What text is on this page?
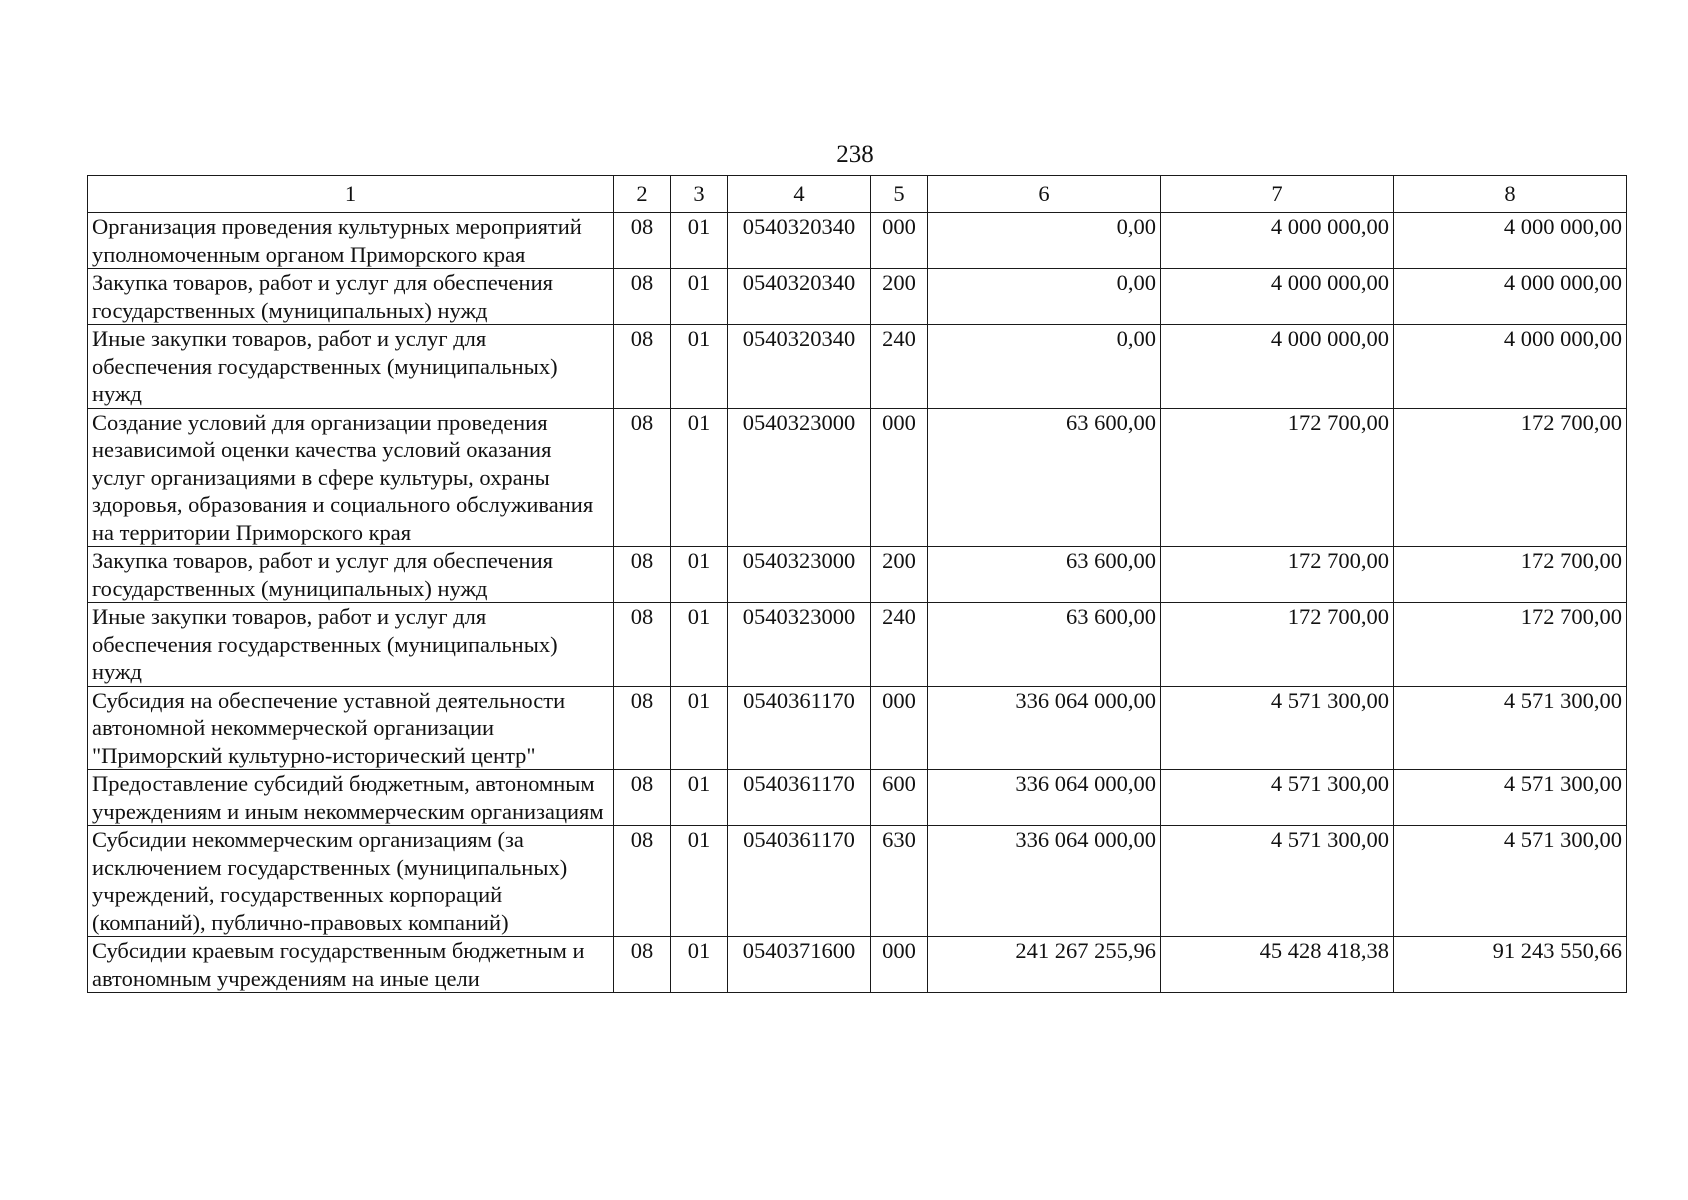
238
1	2	3	4	5	6	7	8
Организация проведения культурных мероприятий уполномоченным органом Приморского края	08	01	0540320340	000	0,00	4 000 000,00	4 000 000,00
Закупка товаров, работ и услуг для обеспечения государственных (муниципальных) нужд	08	01	0540320340	200	0,00	4 000 000,00	4 000 000,00
Иные закупки товаров, работ и услуг для обеспечения государственных (муниципальных) нужд	08	01	0540320340	240	0,00	4 000 000,00	4 000 000,00
Создание условий для организации проведения независимой оценки качества условий оказания услуг организациями в сфере культуры, охраны здоровья, образования и социального обслуживания на территории Приморского края	08	01	0540323000	000	63 600,00	172 700,00	172 700,00
Закупка товаров, работ и услуг для обеспечения государственных (муниципальных) нужд	08	01	0540323000	200	63 600,00	172 700,00	172 700,00
Иные закупки товаров, работ и услуг для обеспечения государственных (муниципальных) нужд	08	01	0540323000	240	63 600,00	172 700,00	172 700,00
Субсидия на обеспечение уставной деятельности автономной некоммерческой организации "Приморский культурно-исторический центр"	08	01	0540361170	000	336 064 000,00	4 571 300,00	4 571 300,00
Предоставление субсидий бюджетным, автономным учреждениям и иным некоммерческим организациям	08	01	0540361170	600	336 064 000,00	4 571 300,00	4 571 300,00
Субсидии некоммерческим организациям (за исключением государственных (муниципальных) учреждений, государственных корпораций (компаний), публично-правовых компаний)	08	01	0540361170	630	336 064 000,00	4 571 300,00	4 571 300,00
Субсидии краевым государственным бюджетным и автономным учреждениям на иные цели	08	01	0540371600	000	241 267 255,96	45 428 418,38	91 243 550,66
